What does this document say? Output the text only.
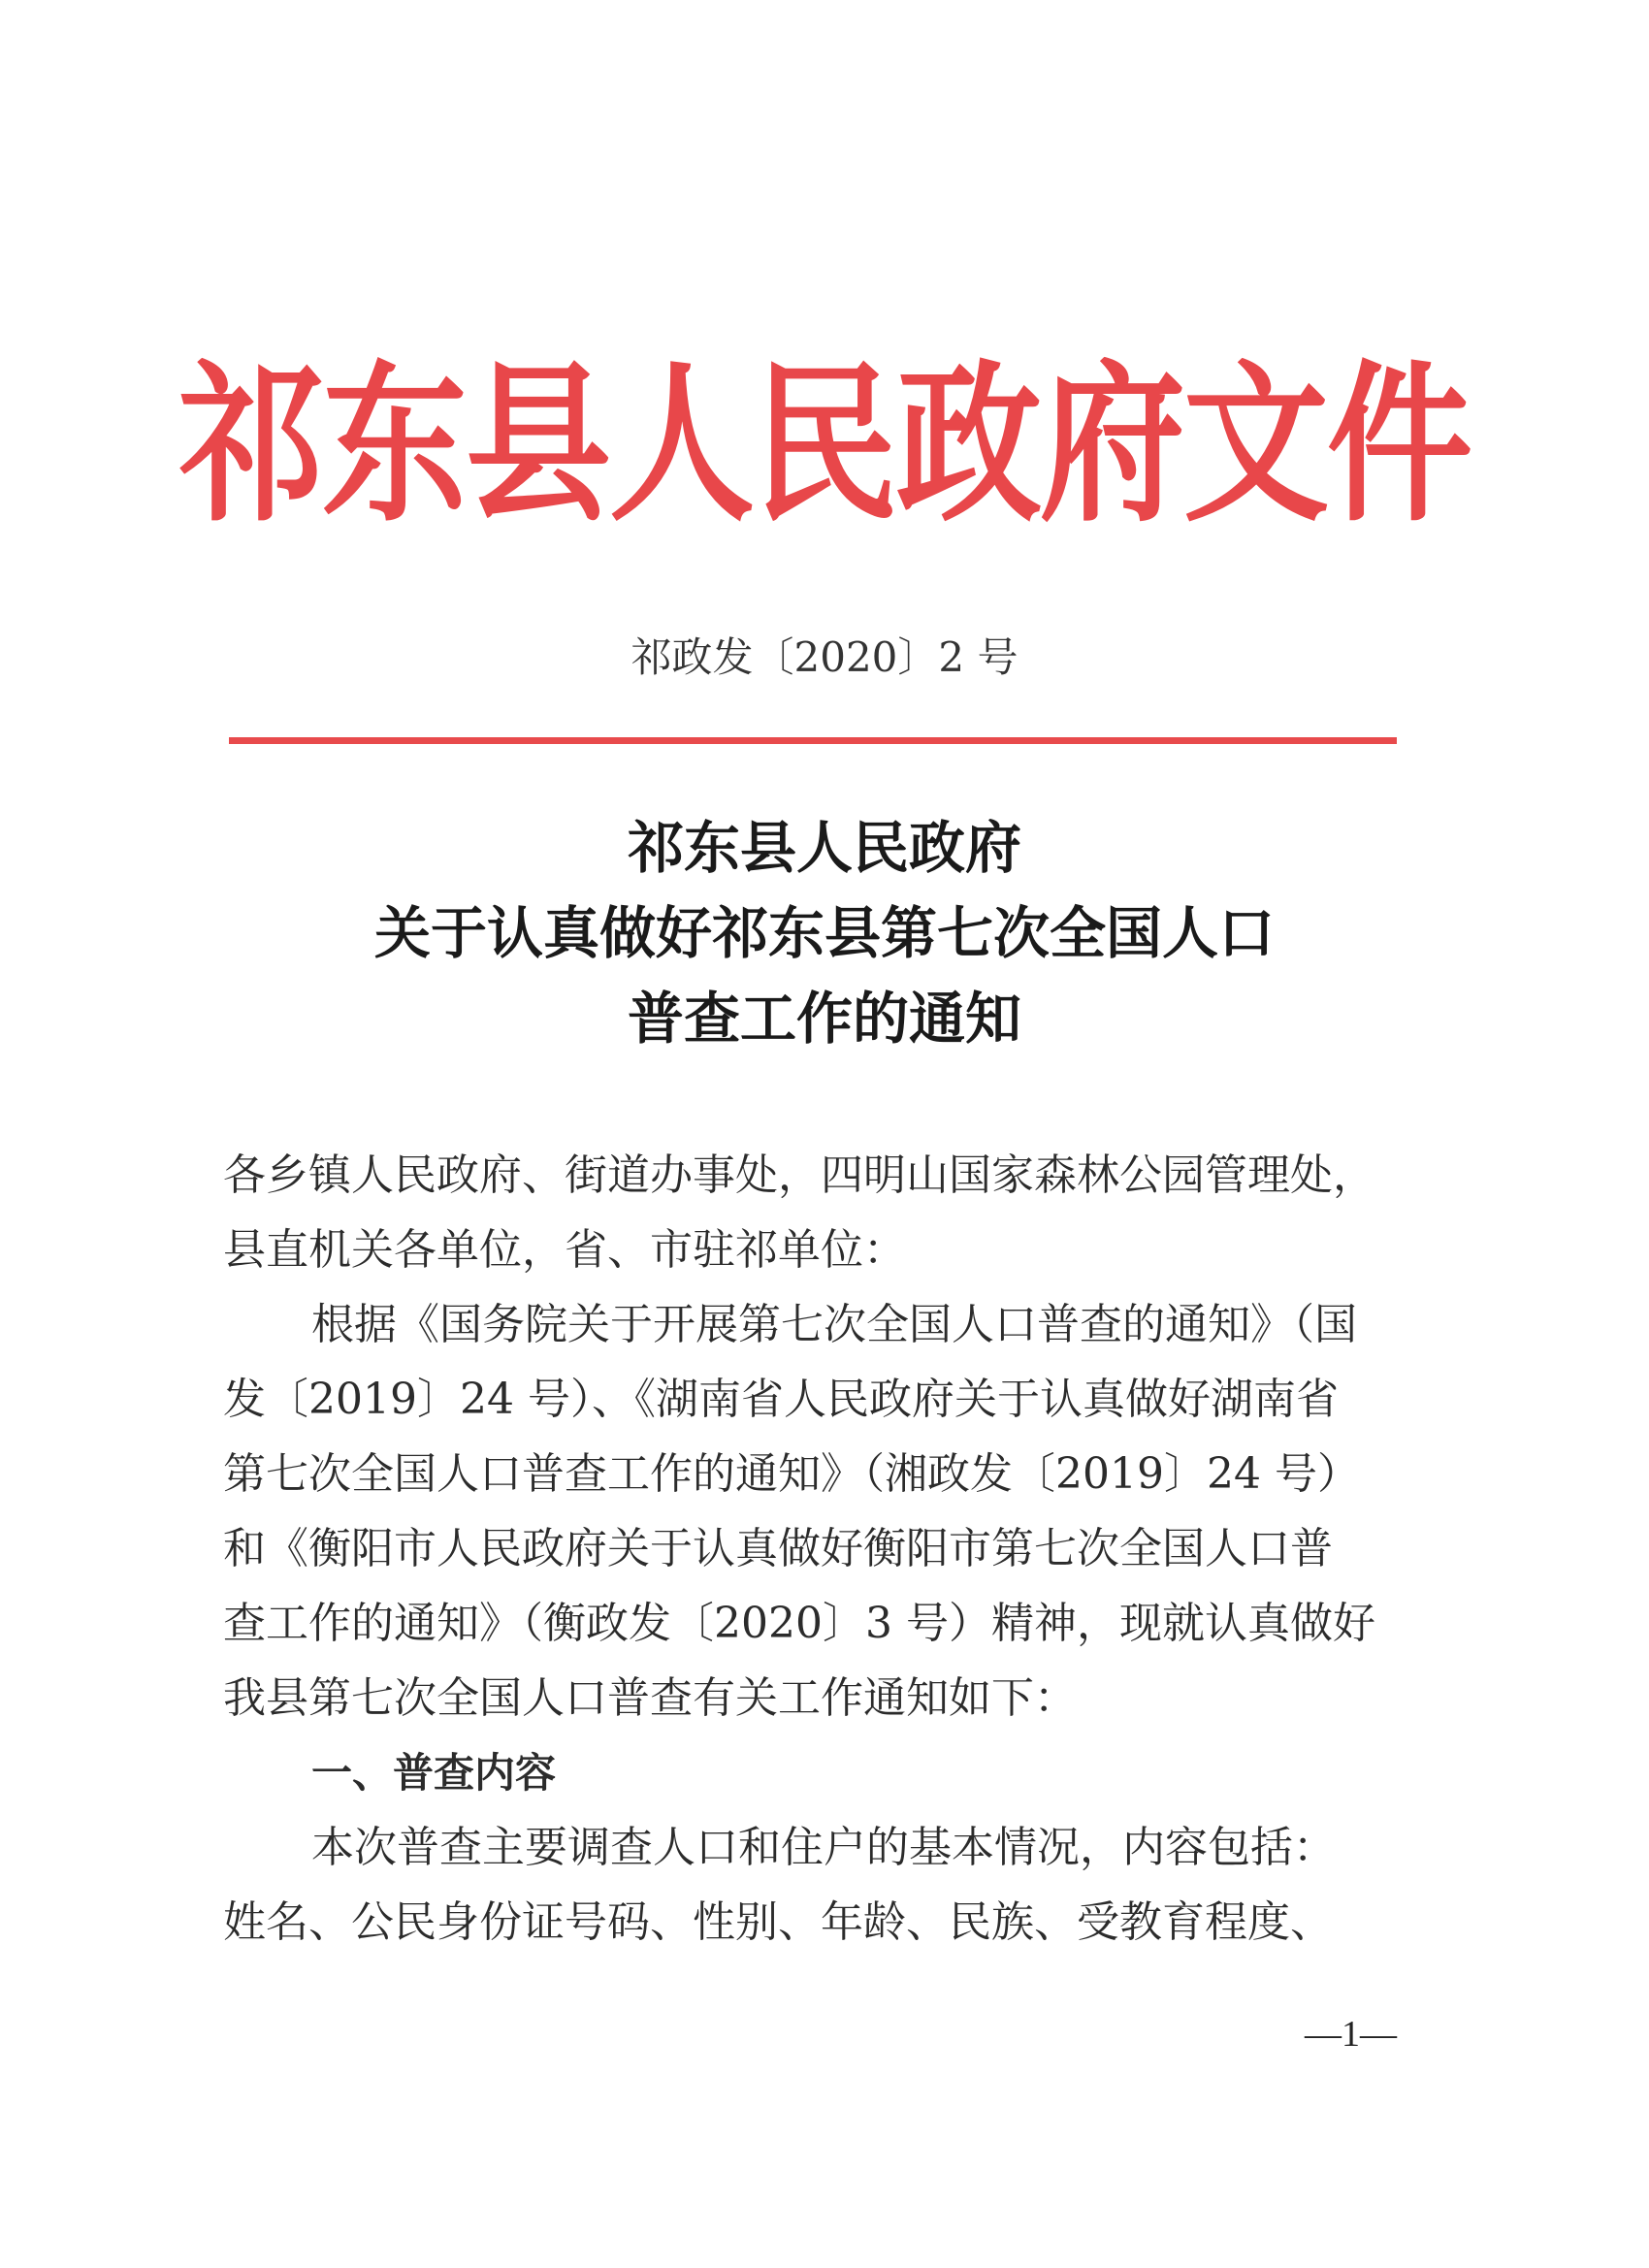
祁东县人民政府文件
祁政发〔2020〕2 号
祁东县人民政府
关于认真做好祁东县第七次全国人口
普查工作的通知
各乡镇人民政府、街道办事处，四明山国家森林公园管理处，
县直机关各单位，省、市驻祁单位：
根据《国务院关于开展第七次全国人口普查的通知》（国
发〔2019〕24 号）、《湖南省人民政府关于认真做好湖南省
第七次全国人口普查工作的通知》（湘政发〔2019〕24 号）
和《衡阳市人民政府关于认真做好衡阳市第七次全国人口普
查工作的通知》（衡政发〔2020〕3 号）精神，现就认真做好
我县第七次全国人口普查有关工作通知如下：
一、普查内容
本次普查主要调查人口和住户的基本情况，内容包括：
姓名、公民身份证号码、性别、年龄、民族、受教育程度、
—1—
